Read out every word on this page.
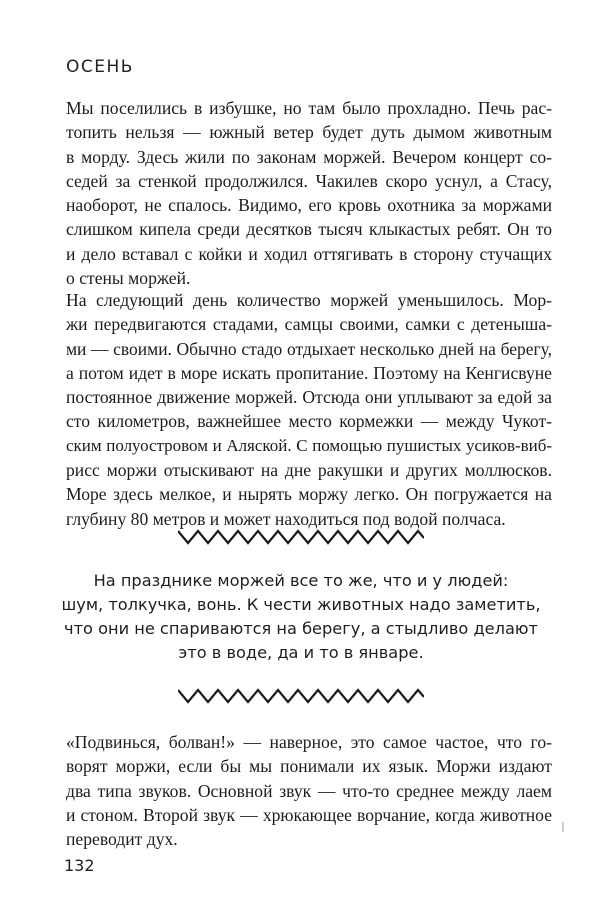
ОСЕНЬ
Мы поселились в избушке, но там было прохладно. Печь рас-
топить нельзя — южный ветер будет дуть дымом животным
в морду. Здесь жили по законам моржей. Вечером концерт со-
седей за стенкой продолжился. Чакилев скоро уснул, а Стасу,
наоборот, не спалось. Видимо, его кровь охотника за моржами
слишком кипела среди десятков тысяч клыкастых ребят. Он то
и дело вставал с койки и ходил оттягивать в сторону стучащих
о стены моржей.
На следующий день количество моржей уменьшилось. Мор-
жи передвигаются стадами, самцы своими, самки с детеныша-
ми — своими. Обычно стадо отдыхает несколько дней на берегу,
а потом идет в море искать пропитание. Поэтому на Кенгисвуне
постоянное движение моржей. Отсюда они уплывают за едой за
сто километров, важнейшее место кормежки — между Чукот-
ским полуостровом и Аляской. С помощью пушистых усиков-виб-
рисс моржи отыскивают на дне ракушки и других моллюсков.
Море здесь мелкое, и нырять моржу легко. Он погружается на
глубину 80 метров и может находиться под водой полчаса.
На празднике моржей все то же, что и у людей:
шум, толкучка, вонь. К чести животных надо заметить,
что они не спариваются на берегу, а стыдливо делают
это в воде, да и то в январе.
«Подвинься, болван!» — наверное, это самое частое, что го-
ворят моржи, если бы мы понимали их язык. Моржи издают
два типа звуков. Основной звук — что-то среднее между лаем
и стоном. Второй звук — хрюкающее ворчание, когда животное
переводит дух.
132
